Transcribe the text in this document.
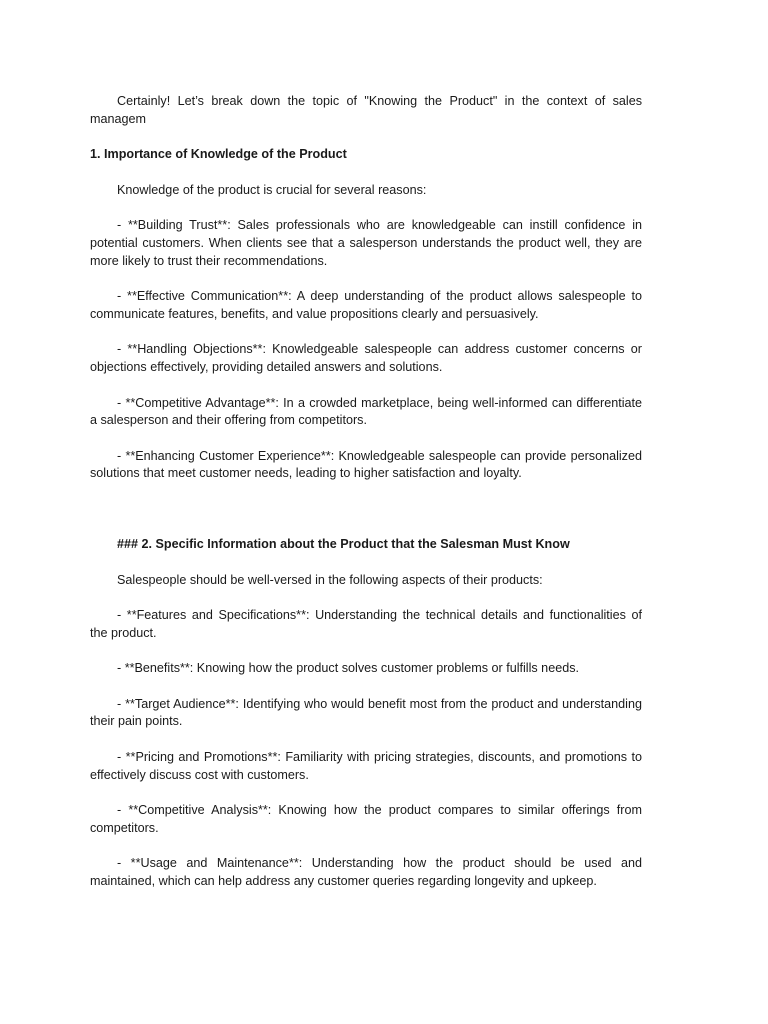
Certainly! Let’s break down the topic of "Knowing the Product" in the context of sales managem

1. Importance of Knowledge of the Product

Knowledge of the product is crucial for several reasons:

- **Building Trust**: Sales professionals who are knowledgeable can instill confidence in potential customers. When clients see that a salesperson understands the product well, they are more likely to trust their recommendations.

- **Effective Communication**: A deep understanding of the product allows salespeople to communicate features, benefits, and value propositions clearly and persuasively.

- **Handling Objections**: Knowledgeable salespeople can address customer concerns or objections effectively, providing detailed answers and solutions.

- **Competitive Advantage**: In a crowded marketplace, being well-informed can differentiate a salesperson and their offering from competitors.

- **Enhancing Customer Experience**: Knowledgeable salespeople can provide personalized solutions that meet customer needs, leading to higher satisfaction and loyalty.

### 2. Specific Information about the Product that the Salesman Must Know

Salespeople should be well-versed in the following aspects of their products:

- **Features and Specifications**: Understanding the technical details and functionalities of the product.

- **Benefits**: Knowing how the product solves customer problems or fulfills needs.

- **Target Audience**: Identifying who would benefit most from the product and understanding their pain points.

- **Pricing and Promotions**: Familiarity with pricing strategies, discounts, and promotions to effectively discuss cost with customers.

- **Competitive Analysis**: Knowing how the product compares to similar offerings from competitors.

- **Usage and Maintenance**: Understanding how the product should be used and maintained, which can help address any customer queries regarding longevity and upkeep.
